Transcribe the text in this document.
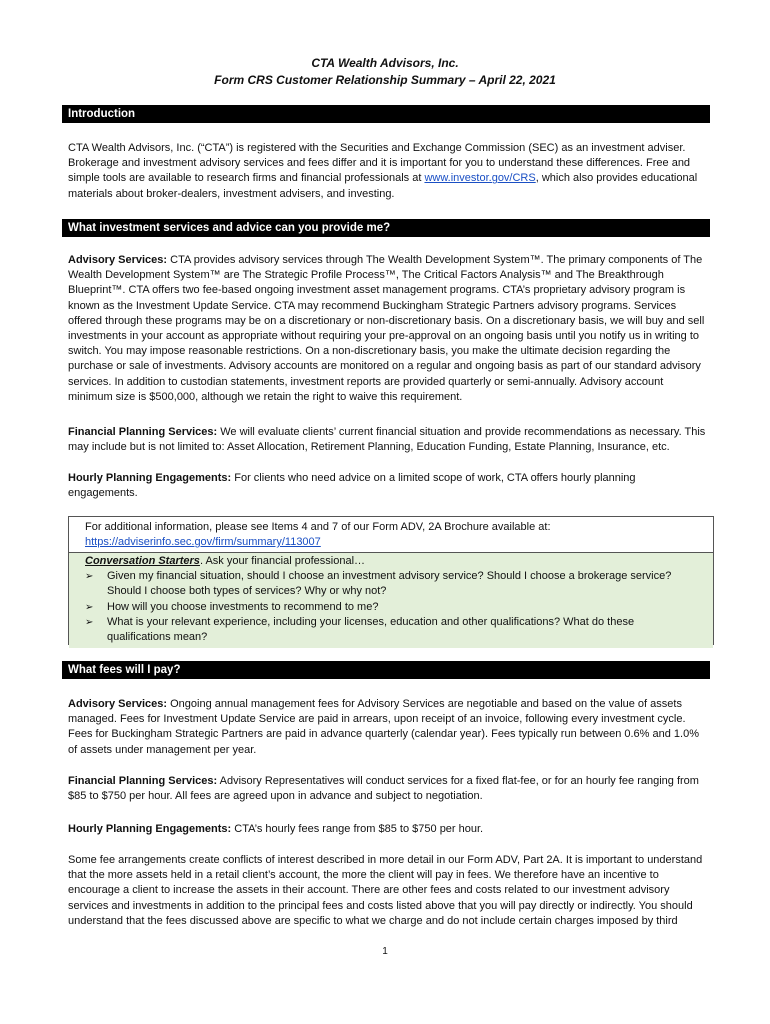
CTA Wealth Advisors, Inc.
Form CRS Customer Relationship Summary – April 22, 2021
Introduction
CTA Wealth Advisors, Inc. (“CTA”) is registered with the Securities and Exchange Commission (SEC) as an investment adviser. Brokerage and investment advisory services and fees differ and it is important for you to understand these differences. Free and simple tools are available to research firms and financial professionals at www.investor.gov/CRS, which also provides educational materials about broker-dealers, investment advisers, and investing.
What investment services and advice can you provide me?
Advisory Services: CTA provides advisory services through The Wealth Development System™. The primary components of The Wealth Development System™ are The Strategic Profile Process™, The Critical Factors Analysis™ and The Breakthrough Blueprint™. CTA offers two fee-based ongoing investment asset management programs. CTA’s proprietary advisory program is known as the Investment Update Service. CTA may recommend Buckingham Strategic Partners advisory programs. Services offered through these programs may be on a discretionary or non-discretionary basis. On a discretionary basis, we will buy and sell investments in your account as appropriate without requiring your pre-approval on an ongoing basis until you notify us in writing to switch. You may impose reasonable restrictions. On a non-discretionary basis, you make the ultimate decision regarding the purchase or sale of investments. Advisory accounts are monitored on a regular and ongoing basis as part of our standard advisory services. In addition to custodian statements, investment reports are provided quarterly or semi-annually. Advisory account minimum size is $500,000, although we retain the right to waive this requirement.
Financial Planning Services: We will evaluate clients’ current financial situation and provide recommendations as necessary. This may include but is not limited to: Asset Allocation, Retirement Planning, Education Funding, Estate Planning, Insurance, etc.
Hourly Planning Engagements: For clients who need advice on a limited scope of work, CTA offers hourly planning engagements.
For additional information, please see Items 4 and 7 of our Form ADV, 2A Brochure available at:
https://adviserinfo.sec.gov/firm/summary/113007
Conversation Starters. Ask your financial professional…
➢ Given my financial situation, should I choose an investment advisory service? Should I choose a brokerage service? Should I choose both types of services? Why or why not?
➢ How will you choose investments to recommend to me?
➢ What is your relevant experience, including your licenses, education and other qualifications? What do these qualifications mean?
What fees will I pay?
Advisory Services: Ongoing annual management fees for Advisory Services are negotiable and based on the value of assets managed. Fees for Investment Update Service are paid in arrears, upon receipt of an invoice, following every investment cycle. Fees for Buckingham Strategic Partners are paid in advance quarterly (calendar year). Fees typically run between 0.6% and 1.0% of assets under management per year.
Financial Planning Services: Advisory Representatives will conduct services for a fixed flat-fee, or for an hourly fee ranging from $85 to $750 per hour. All fees are agreed upon in advance and subject to negotiation.
Hourly Planning Engagements: CTA’s hourly fees range from $85 to $750 per hour.
Some fee arrangements create conflicts of interest described in more detail in our Form ADV, Part 2A. It is important to understand that the more assets held in a retail client’s account, the more the client will pay in fees. We therefore have an incentive to encourage a client to increase the assets in their account. There are other fees and costs related to our investment advisory services and investments in addition to the principal fees and costs listed above that you will pay directly or indirectly. You should understand that the fees discussed above are specific to what we charge and do not include certain charges imposed by third
1
